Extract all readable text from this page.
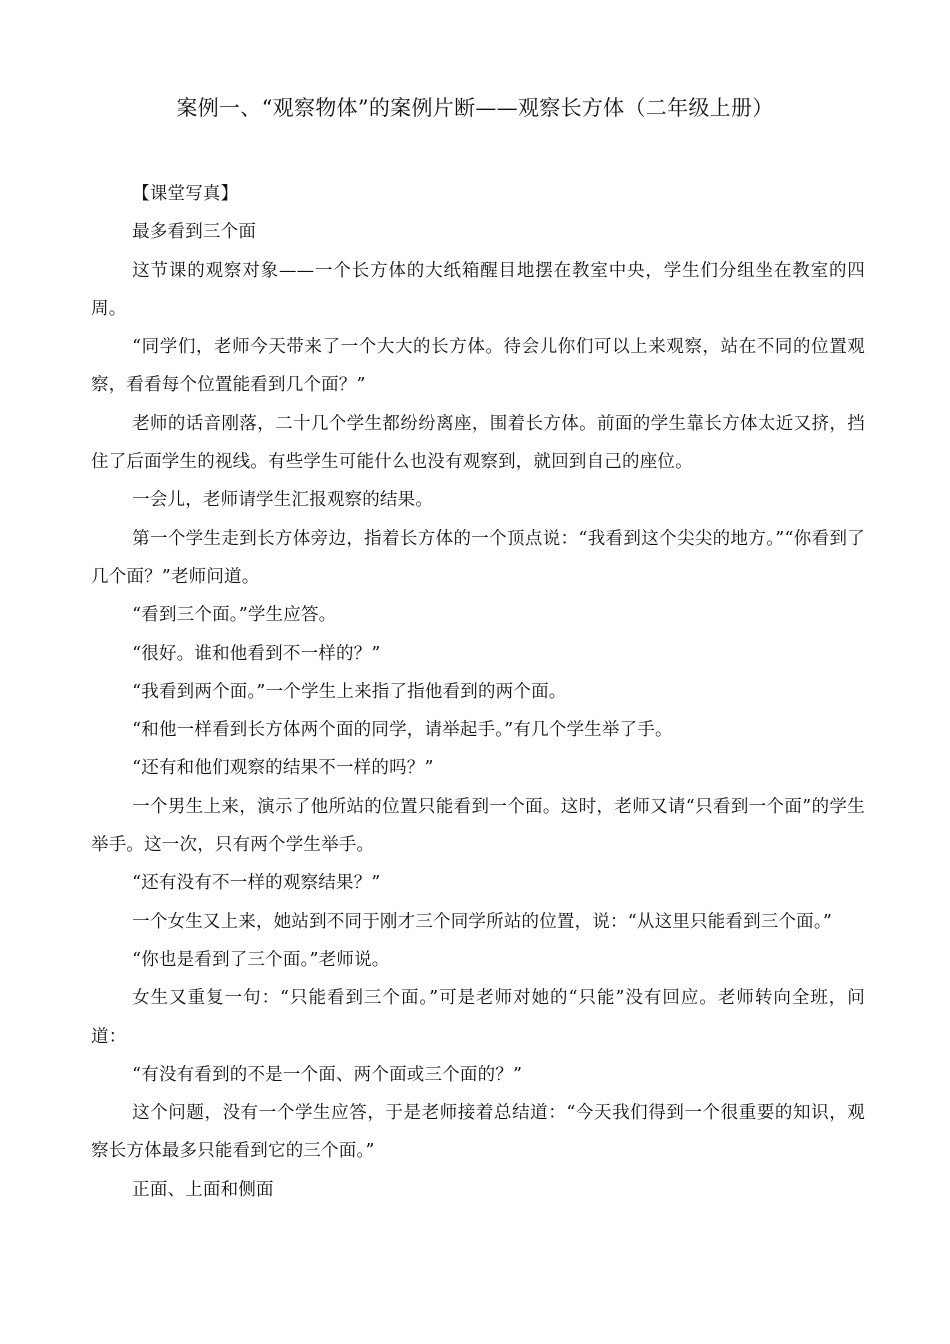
案例一、“观察物体”的案例片断——观察长方体（二年级上册）

【课堂写真】

最多看到三个面

这节课的观察对象——一个长方体的大纸箱醒目地摆在教室中央，学生们分组坐在教室的四周。

“同学们，老师今天带来了一个大大的长方体。待会儿你们可以上来观察，站在不同的位置观察，看看每个位置能看到几个面？”

老师的话音刚落，二十几个学生都纷纷离座，围着长方体。前面的学生靠长方体太近又挤，挡住了后面学生的视线。有些学生可能什么也没有观察到，就回到自己的座位。

一会儿，老师请学生汇报观察的结果。

第一个学生走到长方体旁边，指着长方体的一个顶点说：“我看到这个尖尖的地方。”“你看到了几个面？”老师问道。

“看到三个面。”学生应答。

“很好。谁和他看到不一样的？”

“我看到两个面。”一个学生上来指了指他看到的两个面。

“和他一样看到长方体两个面的同学，请举起手。”有几个学生举了手。

“还有和他们观察的结果不一样的吗？”

一个男生上来，演示了他所站的位置只能看到一个面。这时，老师又请“只看到一个面”的学生举手。这一次，只有两个学生举手。

“还有没有不一样的观察结果？”

一个女生又上来，她站到不同于刚才三个同学所站的位置，说：“从这里只能看到三个面。”

“你也是看到了三个面。”老师说。

女生又重复一句：“只能看到三个面。”可是老师对她的“只能”没有回应。老师转向全班，问道：

“有没有看到的不是一个面、两个面或三个面的？”

这个问题，没有一个学生应答，于是老师接着总结道：“今天我们得到一个很重要的知识，观察长方体最多只能看到它的三个面。”

正面、上面和侧面
